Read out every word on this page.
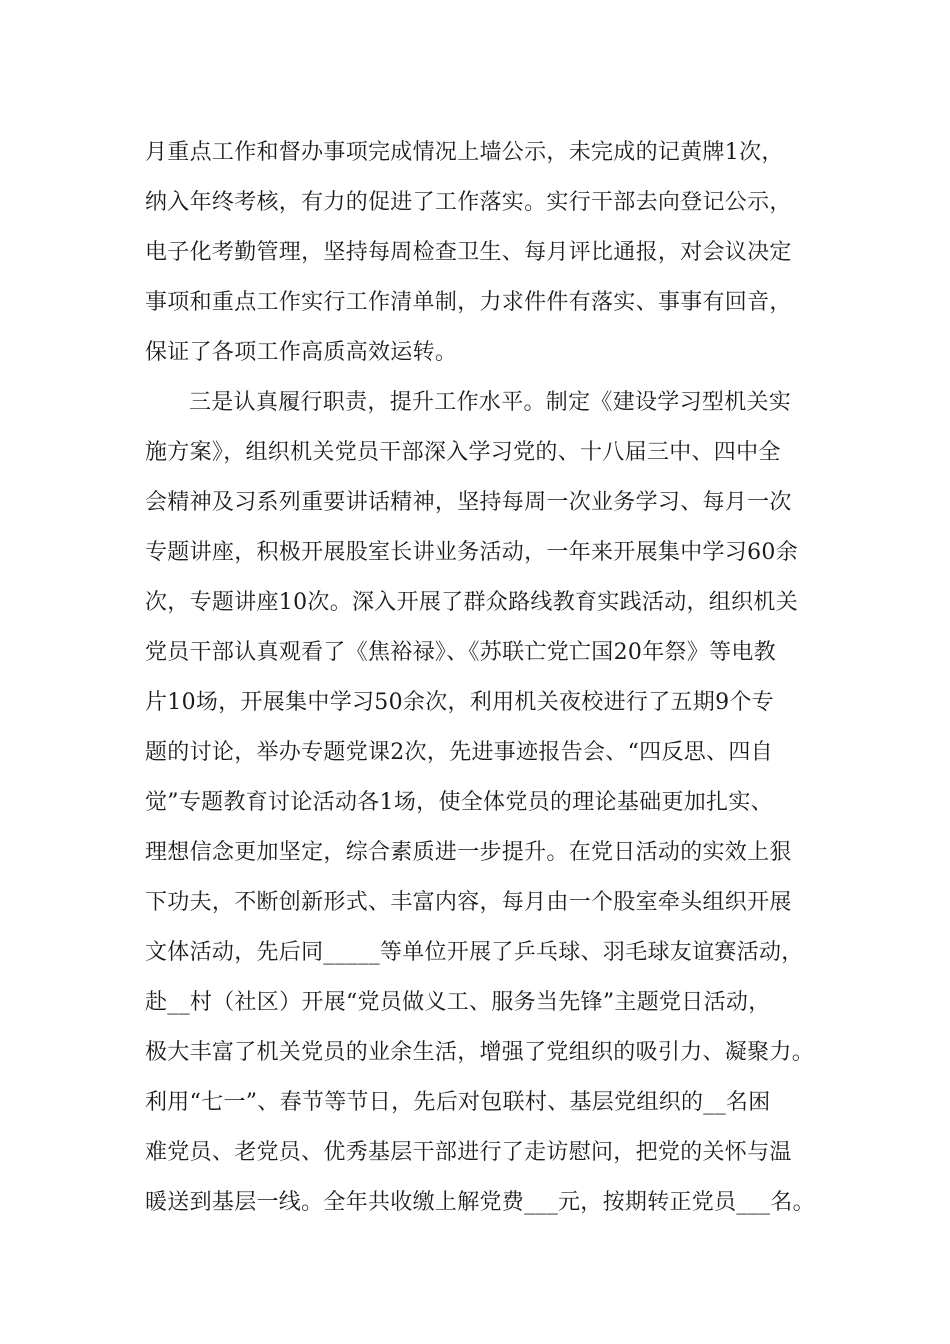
月重点工作和督办事项完成情况上墙公示，未完成的记黄牌1次，
纳入年终考核，有力的促进了工作落实。实行干部去向登记公示，
电子化考勤管理，坚持每周检查卫生、每月评比通报，对会议决定
事项和重点工作实行工作清单制，力求件件有落实、事事有回音，
保证了各项工作高质高效运转。
三是认真履行职责，提升工作水平。制定《建设学习型机关实
施方案》，组织机关党员干部深入学习党的、十八届三中、四中全
会精神及习系列重要讲话精神，坚持每周一次业务学习、每月一次
专题讲座，积极开展股室长讲业务活动，一年来开展集中学习60余
次，专题讲座10次。深入开展了群众路线教育实践活动，组织机关
党员干部认真观看了《焦裕禄》、《苏联亡党亡国20年祭》等电教
片10场，开展集中学习50余次，利用机关夜校进行了五期9个专
题的讨论，举办专题党课2次，先进事迹报告会、“四反思、四自
觉”专题教育讨论活动各1场，使全体党员的理论基础更加扎实、
理想信念更加坚定，综合素质进一步提升。在党日活动的实效上狠
下功夫，不断创新形式、丰富内容，每月由一个股室牵头组织开展
文体活动，先后同_____等单位开展了乒乓球、羽毛球友谊赛活动，
赴__村（社区）开展“党员做义工、服务当先锋”主题党日活动，
极大丰富了机关党员的业余生活，增强了党组织的吸引力、凝聚力。
利用“七一”、春节等节日，先后对包联村、基层党组织的__名困
难党员、老党员、优秀基层干部进行了走访慰问，把党的关怀与温
暖送到基层一线。全年共收缴上解党费___元，按期转正党员___名。
